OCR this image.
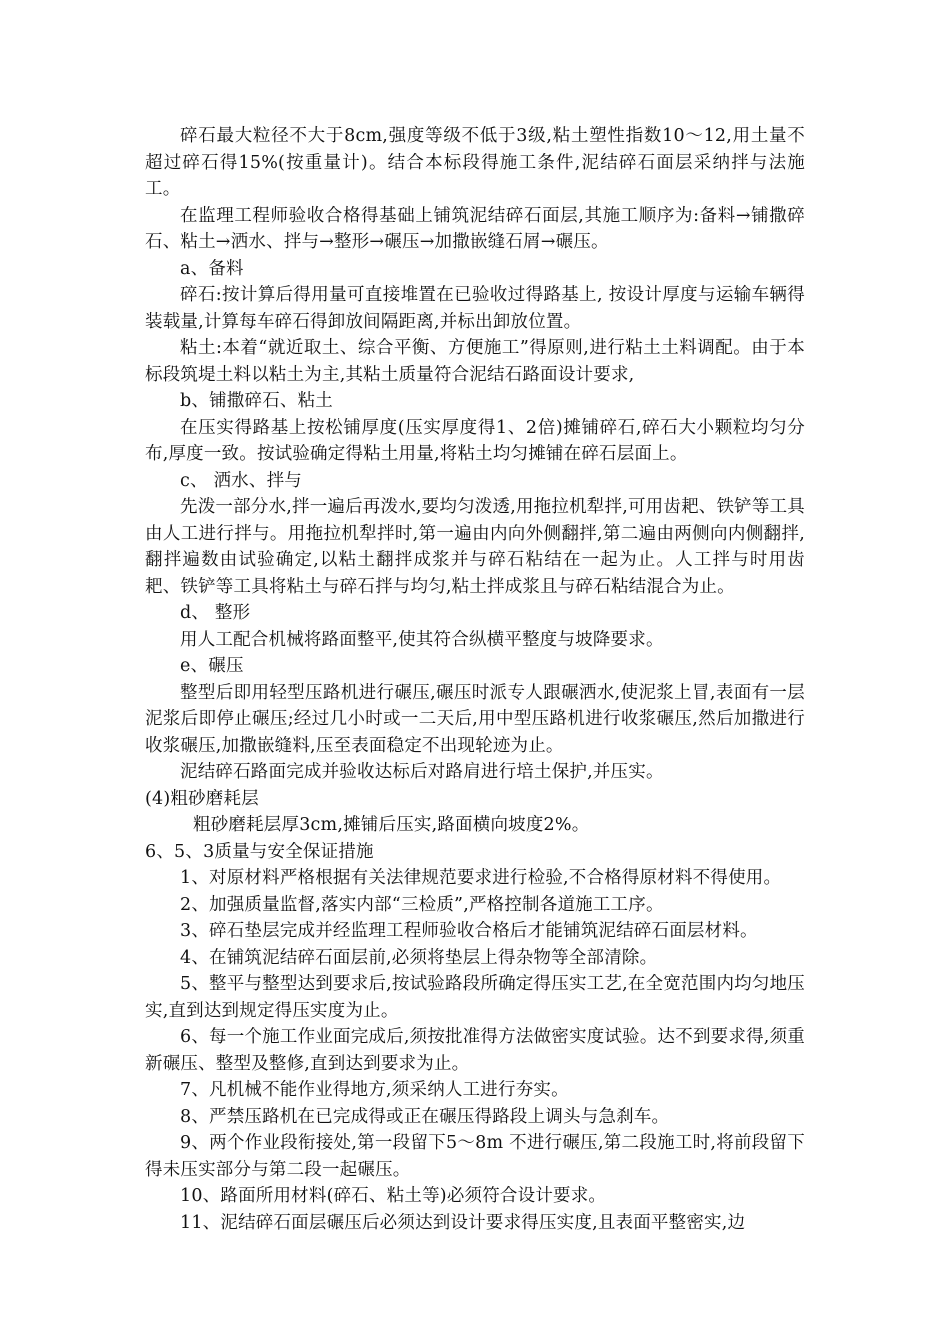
碎石最大粒径不大于8cm,强度等级不低于3级,粘土塑性指数10～12,用土量不超过碎石得15%(按重量计)。结合本标段得施工条件,泥结碎石面层采纳拌与法施工。

在监理工程师验收合格得基础上铺筑泥结碎石面层,其施工顺序为:备料→铺撒碎石、粘土→洒水、拌与→整形→碾压→加撒嵌缝石屑→碾压。

a、备料

碎石:按计算后得用量可直接堆置在已验收过得路基上, 按设计厚度与运输车辆得装载量,计算每车碎石得卸放间隔距离,并标出卸放位置。

粘土:本着“就近取土、综合平衡、方便施工”得原则,进行粘土土料调配。由于本标段筑堤土料以粘土为主,其粘土质量符合泥结石路面设计要求,

b、铺撒碎石、粘土

在压实得路基上按松铺厚度(压实厚度得1、2倍)摊铺碎石,碎石大小颗粒均匀分布,厚度一致。按试验确定得粘土用量,将粘土均匀摊铺在碎石层面上。

c、 洒水、拌与

先泼一部分水,拌一遍后再泼水,要均匀泼透,用拖拉机犁拌,可用齿耙、铁铲等工具由人工进行拌与。用拖拉机犁拌时,第一遍由内向外侧翻拌,第二遍由两侧向内侧翻拌,翻拌遍数由试验确定,以粘土翻拌成浆并与碎石粘结在一起为止。人工拌与时用齿耙、铁铲等工具将粘土与碎石拌与均匀,粘土拌成浆且与碎石粘结混合为止。

d、 整形

用人工配合机械将路面整平,使其符合纵横平整度与坡降要求。

e、碾压

整型后即用轻型压路机进行碾压,碾压时派专人跟碾洒水,使泥浆上冒,表面有一层泥浆后即停止碾压;经过几小时或一二天后,用中型压路机进行收浆碾压,然后加撒进行收浆碾压,加撒嵌缝料,压至表面稳定不出现轮迹为止。

泥结碎石路面完成并验收达标后对路肩进行培土保护,并压实。

(4)粗砂磨耗层

粗砂磨耗层厚3cm,摊铺后压实,路面横向坡度2%。

6、5、3质量与安全保证措施

1、对原材料严格根据有关法律规范要求进行检验,不合格得原材料不得使用。

2、加强质量监督,落实内部“三检质”,严格控制各道施工工序。

3、碎石垫层完成并经监理工程师验收合格后才能铺筑泥结碎石面层材料。

4、在铺筑泥结碎石面层前,必须将垫层上得杂物等全部清除。

5、整平与整型达到要求后,按试验路段所确定得压实工艺,在全宽范围内均匀地压实,直到达到规定得压实度为止。

6、每一个施工作业面完成后,须按批准得方法做密实度试验。达不到要求得,须重新碾压、整型及整修,直到达到要求为止。

7、凡机械不能作业得地方,须采纳人工进行夯实。

8、严禁压路机在已完成得或正在碾压得路段上调头与急刹车。

9、两个作业段衔接处,第一段留下5～8m 不进行碾压,第二段施工时,将前段留下得未压实部分与第二段一起碾压。

10、路面所用材料(碎石、粘土等)必须符合设计要求。

11、泥结碎石面层碾压后必须达到设计要求得压实度,且表面平整密实,边
